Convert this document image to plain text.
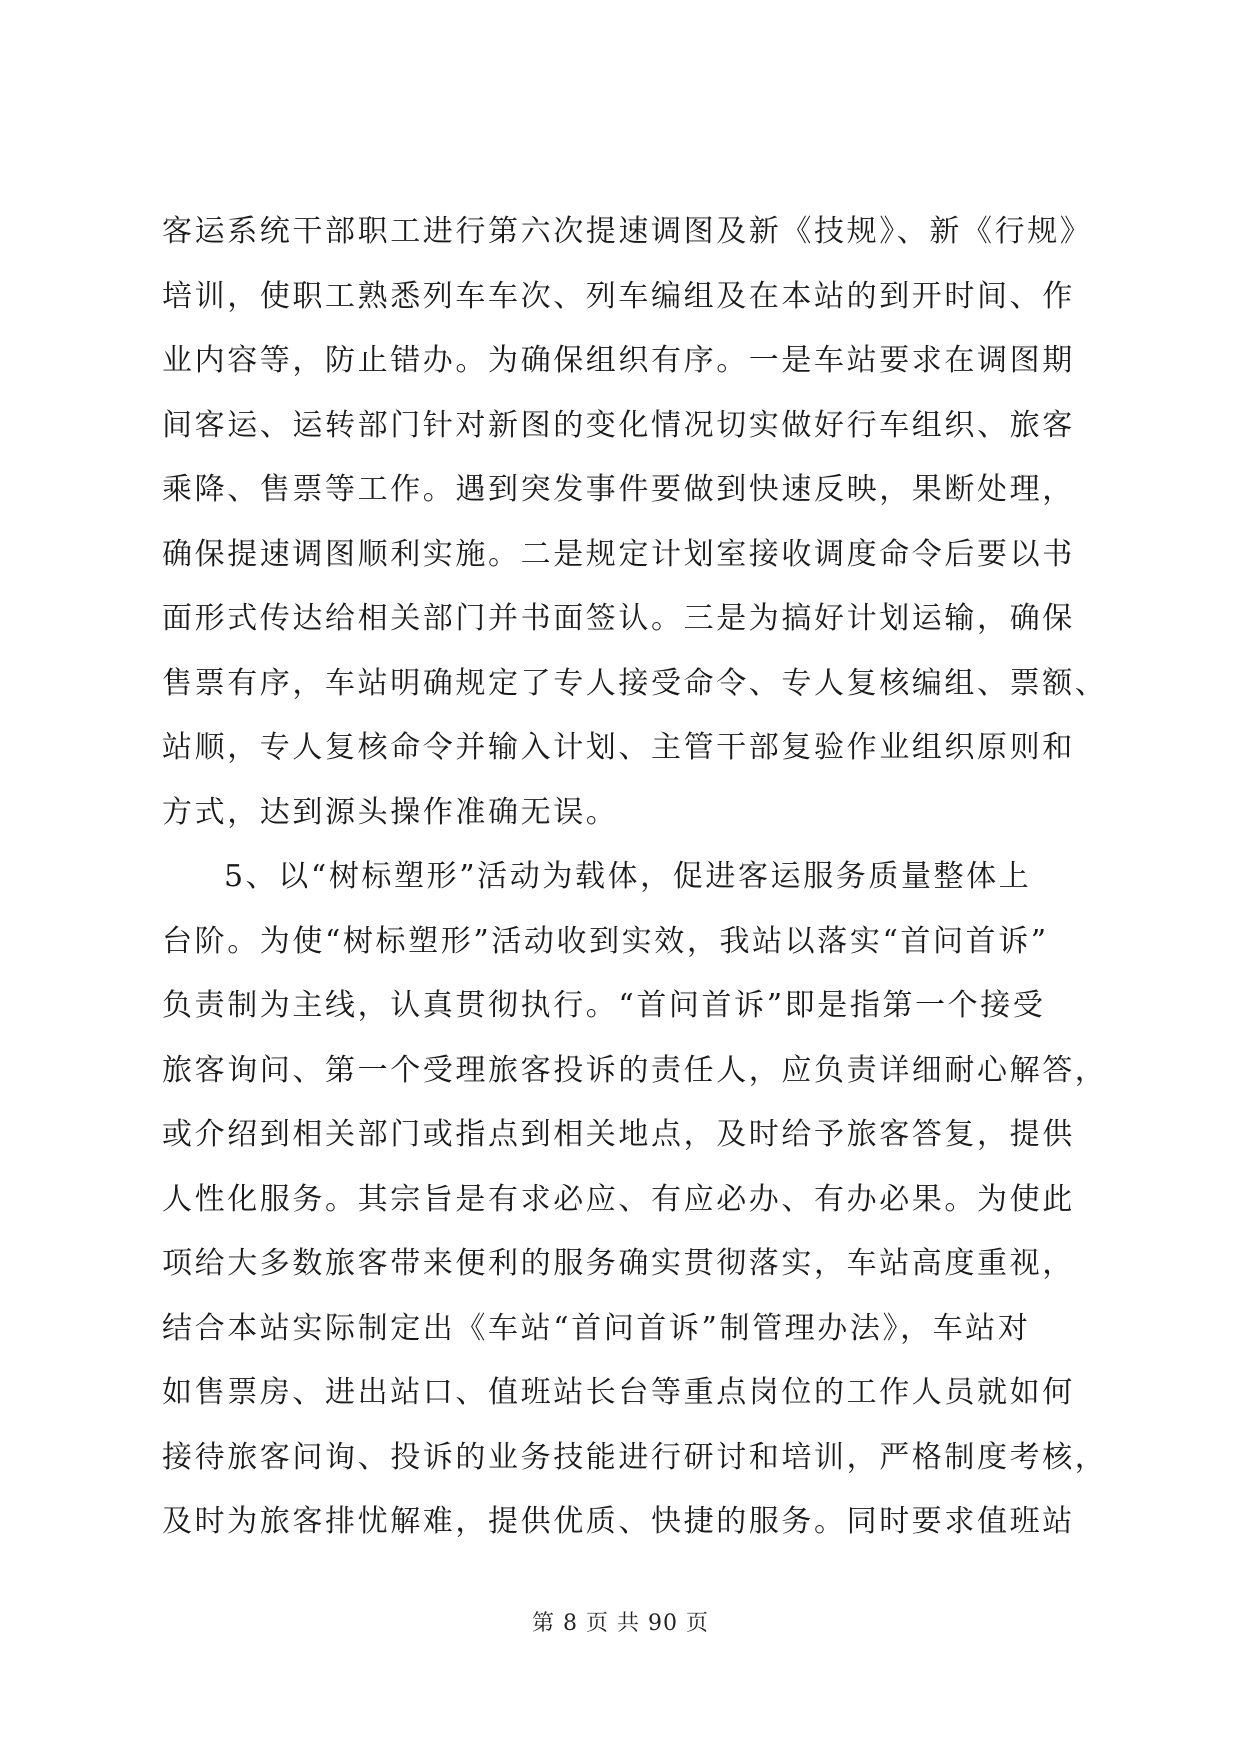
客运系统干部职工进行第六次提速调图及新《技规》、新《行规》
培训，使职工熟悉列车车次、列车编组及在本站的到开时间、作
业内容等，防止错办。为确保组织有序。一是车站要求在调图期
间客运、运转部门针对新图的变化情况切实做好行车组织、旅客
乘降、售票等工作。遇到突发事件要做到快速反映，果断处理，
确保提速调图顺利实施。二是规定计划室接收调度命令后要以书
面形式传达给相关部门并书面签认。三是为搞好计划运输，确保
售票有序，车站明确规定了专人接受命令、专人复核编组、票额、
站顺，专人复核命令并输入计划、主管干部复验作业组织原则和
方式，达到源头操作准确无误。
5、以“树标塑形”活动为载体，促进客运服务质量整体上
台阶。为使“树标塑形”活动收到实效，我站以落实“首问首诉”
负责制为主线，认真贯彻执行。“首问首诉”即是指第一个接受
旅客询问、第一个受理旅客投诉的责任人，应负责详细耐心解答，
或介绍到相关部门或指点到相关地点，及时给予旅客答复，提供
人性化服务。其宗旨是有求必应、有应必办、有办必果。为使此
项给大多数旅客带来便利的服务确实贯彻落实，车站高度重视，
结合本站实际制定出《车站“首问首诉”制管理办法》，车站对
如售票房、进出站口、值班站长台等重点岗位的工作人员就如何
接待旅客问询、投诉的业务技能进行研讨和培训，严格制度考核，
及时为旅客排忧解难，提供优质、快捷的服务。同时要求值班站
第 8 页 共 90 页
